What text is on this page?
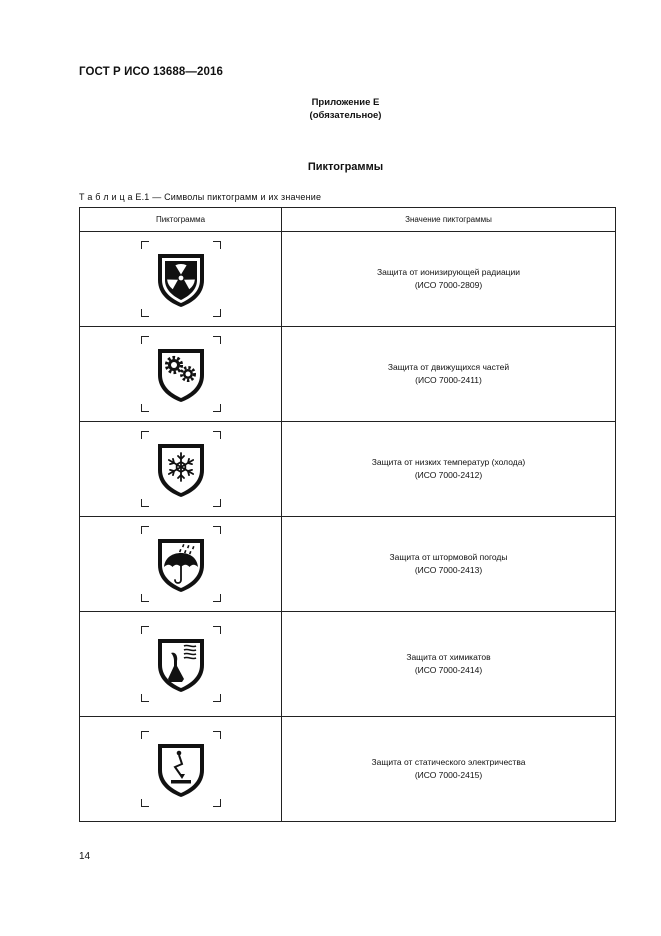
ГОСТ Р ИСО 13688—2016
Приложение Е
(обязательное)
Пиктограммы
Т а б л и ц а Е.1 — Символы пиктограмм и их значение
Пиктограмма	Значение пиктограммы

Защита от ионизирующей радиации
(ИСО 7000-2809)

Защита от движущихся частей
(ИСО 7000-2411)

Защита от низких температур (холода)
(ИСО 7000-2412)

Защита от штормовой погоды
(ИСО 7000-2413)

Защита от химикатов
(ИСО 7000-2414)

Защита от статического электричества
(ИСО 7000-2415)
14
